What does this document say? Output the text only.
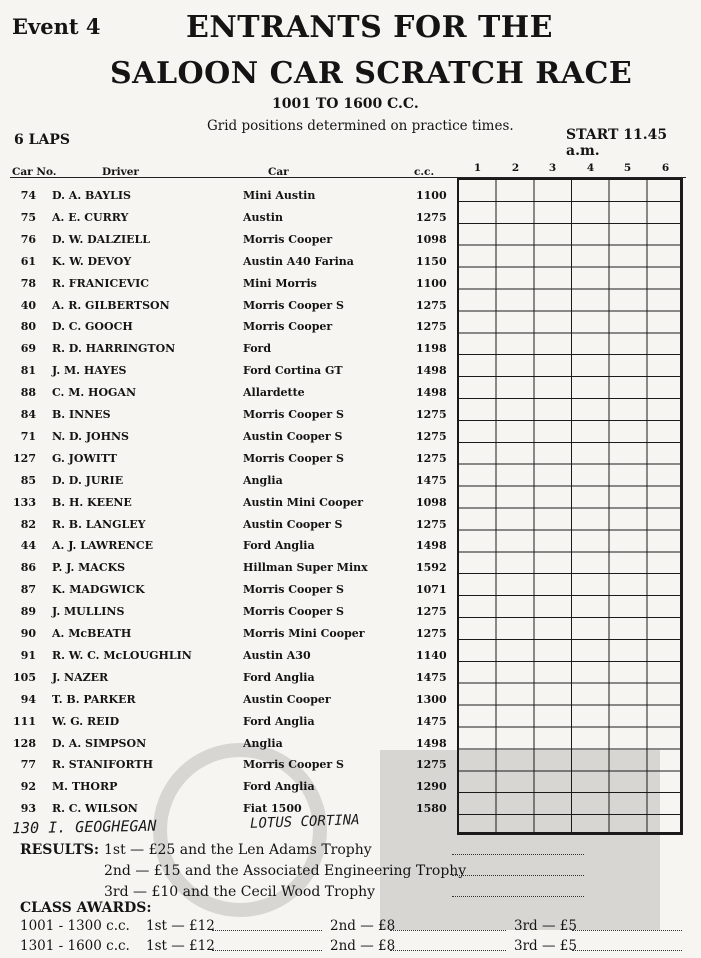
Event 4	ENTRANTS FOR THE
SALOON CAR SCRATCH RACE
1001 TO 1600 C.C.
Grid positions determined on practice times.
6 LAPS	START 11.45 a.m.
Car No.	Driver	Car	c.c.	1	2	3	4	5	6
74 D. A. BAYLIS	Mini Austin	1100
75 A. E. CURRY	Austin	1275
76 D. W. DALZIELL	Morris Cooper	1098
61 K. W. DEVOY	Austin A40 Farina	1150
78 R. FRANICEVIC	Mini Morris	1100
40 A. R. GILBERTSON	Morris Cooper S	1275
80 D. C. GOOCH	Morris Cooper	1275
69 R. D. HARRINGTON	Ford	1198
81 J. M. HAYES	Ford Cortina GT	1498
88 C. M. HOGAN	Allardette	1498
84 B. INNES	Morris Cooper S	1275
71 N. D. JOHNS	Austin Cooper S	1275
127 G. JOWITT	Morris Cooper S	1275
85 D. D. JURIE	Anglia	1475
133 B. H. KEENE	Austin Mini Cooper	1098
82 R. B. LANGLEY	Austin Cooper S	1275
44 A. J. LAWRENCE	Ford Anglia	1498
86 P. J. MACKS	Hillman Super Minx	1592
87 K. MADGWICK	Morris Cooper S	1071
89 J. MULLINS	Morris Cooper S	1275
90 A. McBEATH	Morris Mini Cooper	1275
91 R. W. C. McLOUGHLIN	Austin A30	1140
105 J. NAZER	Ford Anglia	1475
94 T. B. PARKER	Austin Cooper	1300
111 W. G. REID	Ford Anglia	1475
128 D. A. SIMPSON	Anglia	1498
77 R. STANIFORTH	Morris Cooper S	1275
92 M. THORP	Ford Anglia	1290
93 R. C. WILSON	Fiat 1500	1580
130 I. GEOGHEGAN	LOTUS CORTINA
RESULTS: 1st — £25 and the Len Adams Trophy
2nd — £15 and the Associated Engineering Trophy
3rd — £10 and the Cecil Wood Trophy
CLASS AWARDS:
1001 - 1300 c.c. 1st — £12	2nd — £8	3rd — £5
1301 - 1600 c.c. 1st — £12	2nd — £8	3rd — £5
